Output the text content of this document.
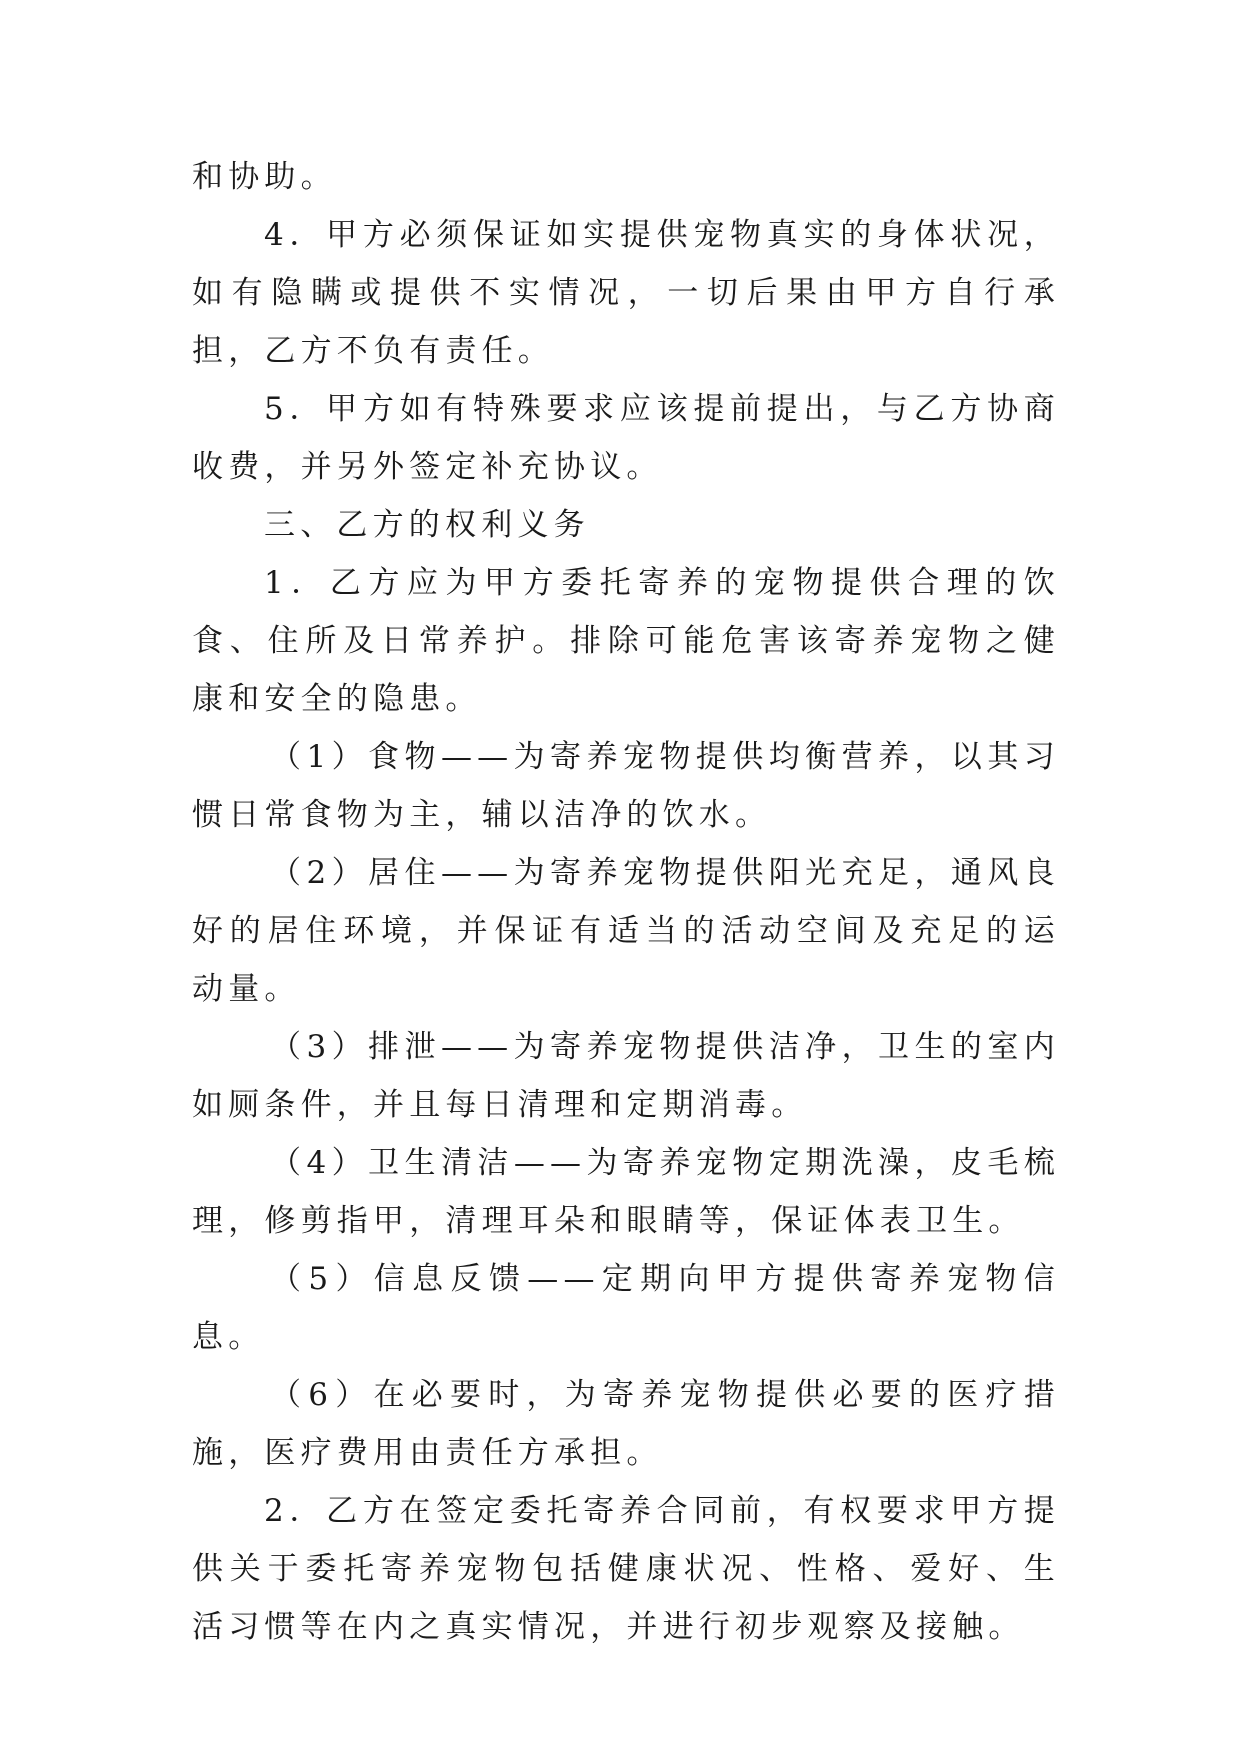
和协助。

4．甲方必须保证如实提供宠物真实的身体状况，如有隐瞒或提供不实情况，一切后果由甲方自行承担，乙方不负有责任。

5．甲方如有特殊要求应该提前提出，与乙方协商收费，并另外签定补充协议。

三、乙方的权利义务

1．乙方应为甲方委托寄养的宠物提供合理的饮食、住所及日常养护。排除可能危害该寄养宠物之健康和安全的隐患。

（1）食物——为寄养宠物提供均衡营养，以其习惯日常食物为主，辅以洁净的饮水。

（2）居住——为寄养宠物提供阳光充足，通风良好的居住环境，并保证有适当的活动空间及充足的运动量。

（3）排泄——为寄养宠物提供洁净，卫生的室内如厕条件，并且每日清理和定期消毒。

（4）卫生清洁——为寄养宠物定期洗澡，皮毛梳理，修剪指甲，清理耳朵和眼睛等，保证体表卫生。

（5）信息反馈——定期向甲方提供寄养宠物信息。

（6）在必要时，为寄养宠物提供必要的医疗措施，医疗费用由责任方承担。

2．乙方在签定委托寄养合同前，有权要求甲方提供关于委托寄养宠物包括健康状况、性格、爱好、生活习惯等在内之真实情况，并进行初步观察及接触。
